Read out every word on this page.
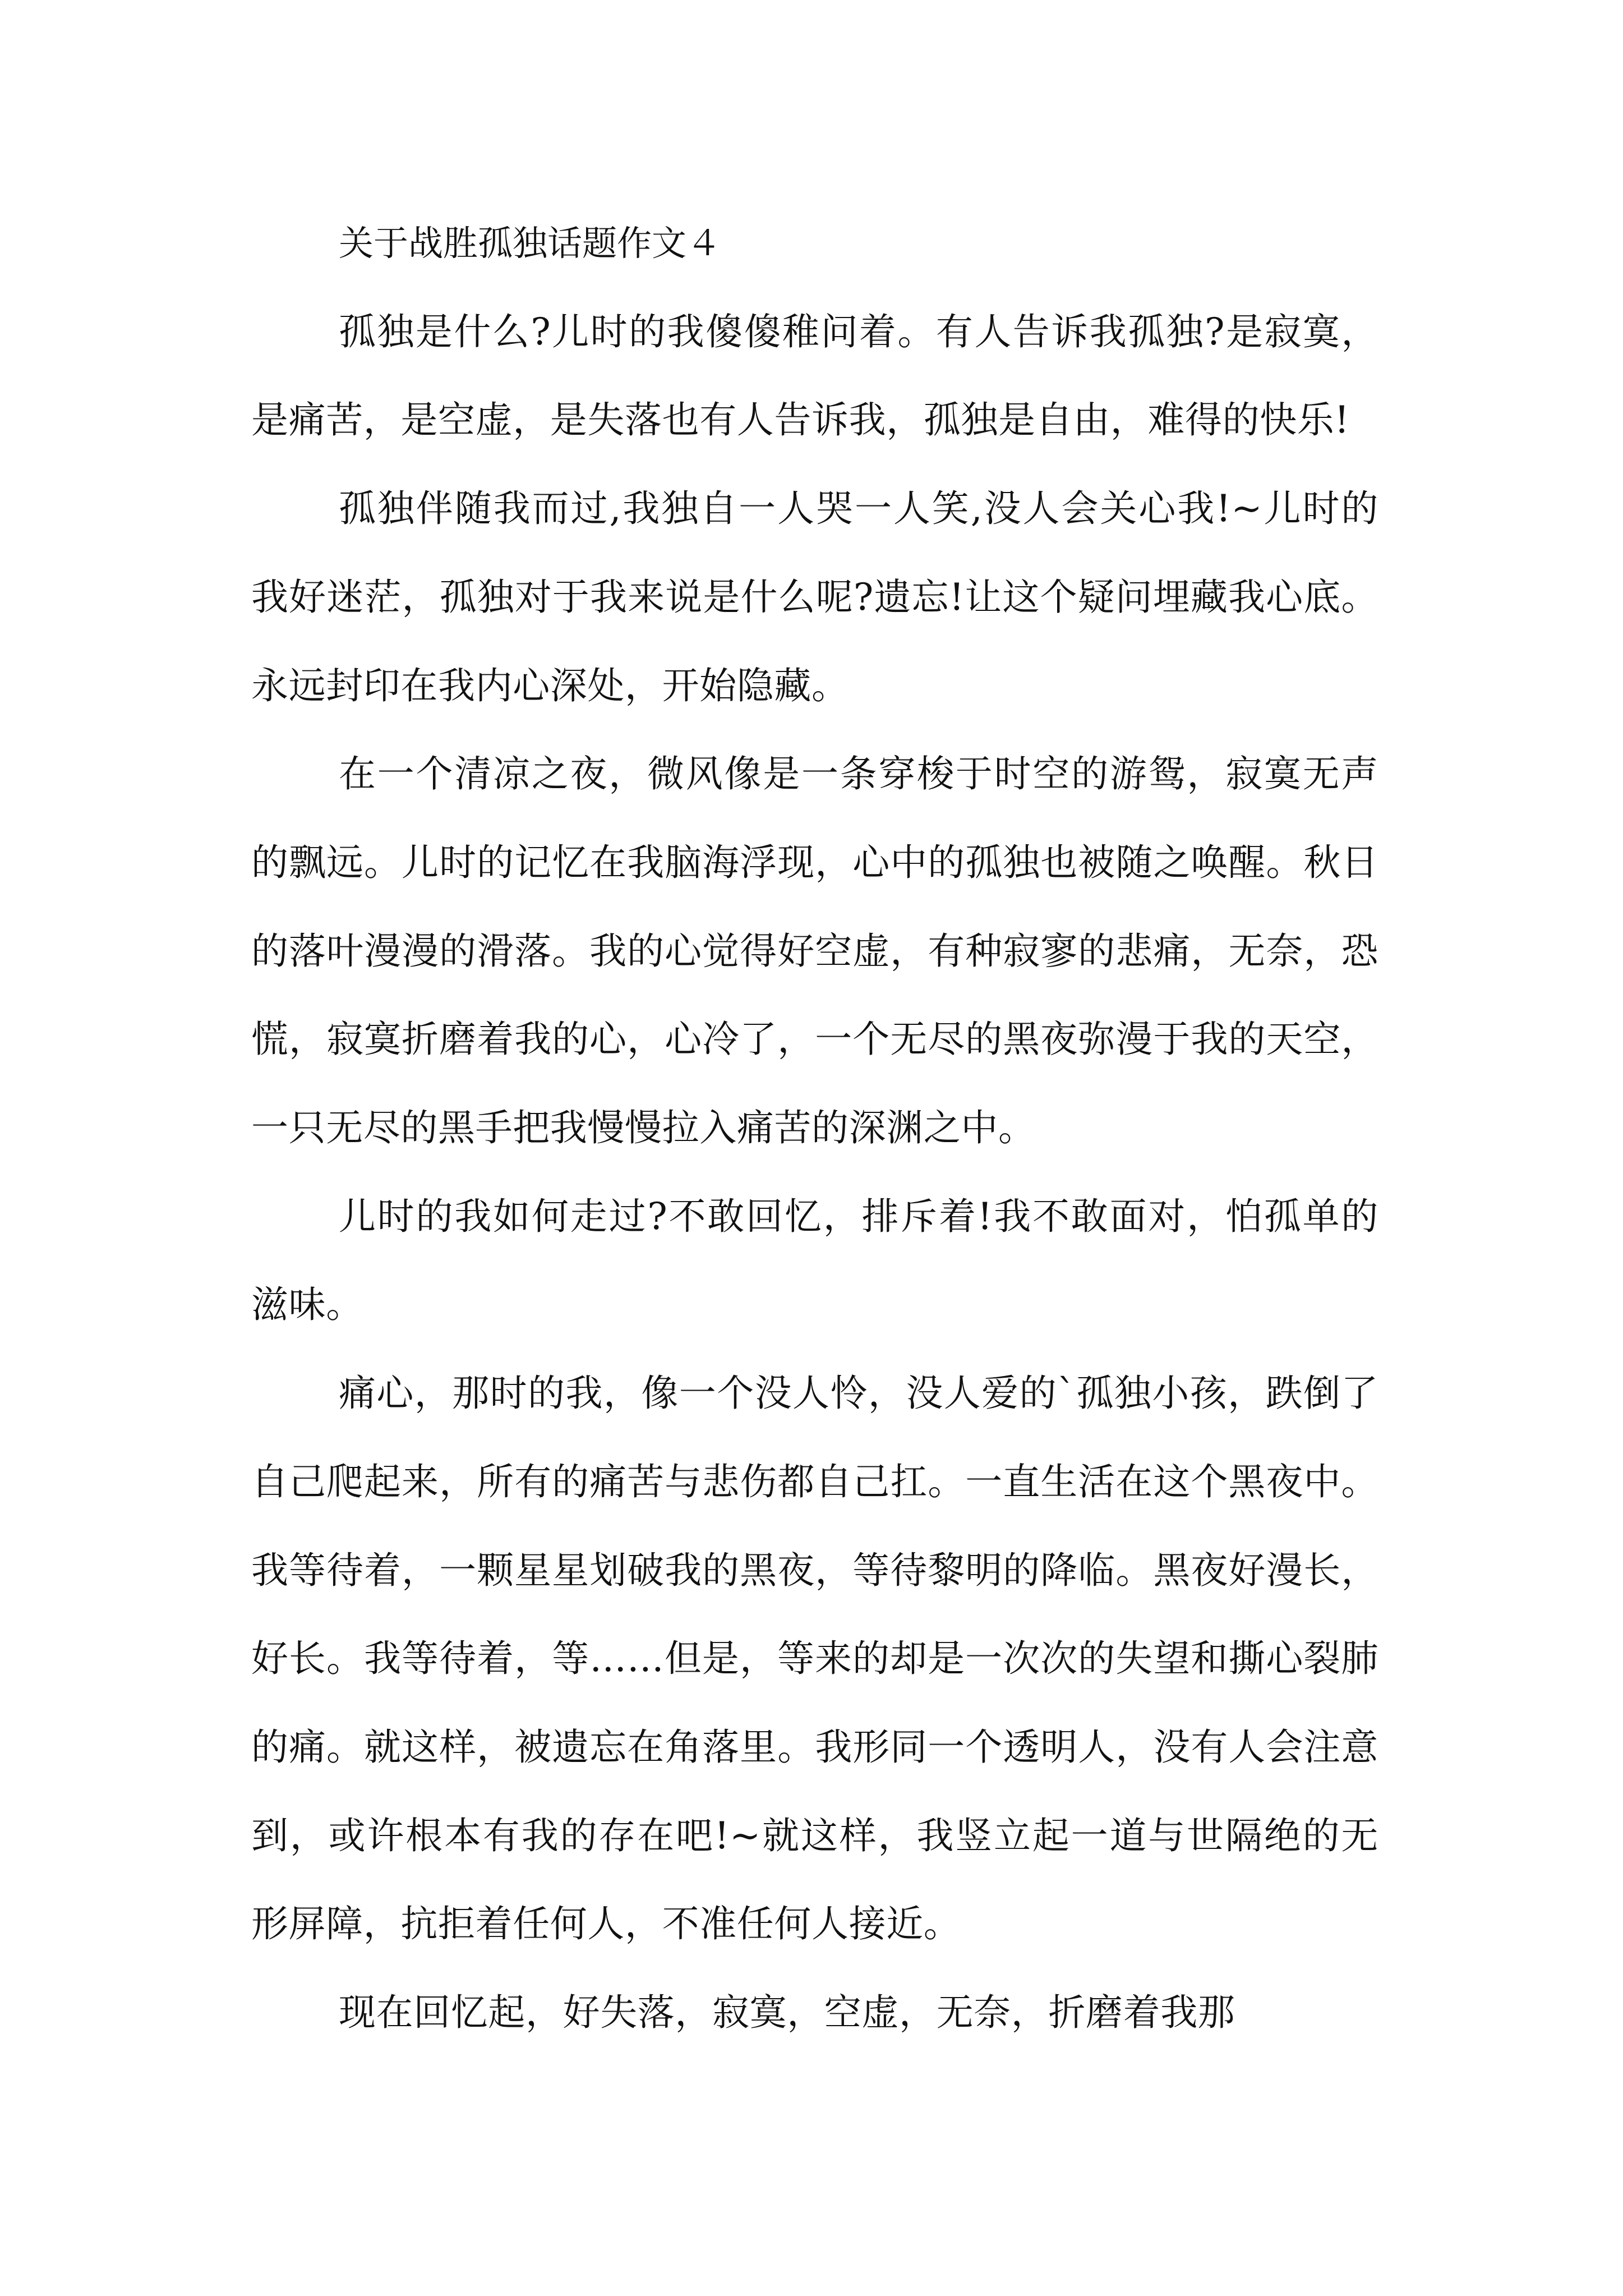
关于战胜孤独话题作文４

孤独是什么?儿时的我傻傻稚问着。有人告诉我孤独?是寂寞，是痛苦，是空虚，是失落也有人告诉我，孤独是自由，难得的快乐!

孤独伴随我而过,我独自一人哭一人笑,没人会关心我!~儿时的我好迷茫，孤独对于我来说是什么呢?遗忘!让这个疑问埋藏我心底。永远封印在我内心深处，开始隐藏。

在一个清凉之夜，微风像是一条穿梭于时空的游鸳，寂寞无声的飘远。儿时的记忆在我脑海浮现，心中的孤独也被随之唤醒。秋日的落叶漫漫的滑落。我的心觉得好空虚，有种寂寥的悲痛，无奈，恐慌，寂寞折磨着我的心，心冷了，一个无尽的黑夜弥漫于我的天空，一只无尽的黑手把我慢慢拉入痛苦的深渊之中。

儿时的我如何走过?不敢回忆，排斥着!我不敢面对，怕孤单的滋味。

痛心，那时的我，像一个没人怜，没人爱的`孤独小孩，跌倒了自己爬起来，所有的痛苦与悲伤都自己扛。一直生活在这个黑夜中。我等待着，一颗星星划破我的黑夜，等待黎明的降临。黑夜好漫长，好长。我等待着，等……但是，等来的却是一次次的失望和撕心裂肺的痛。就这样，被遗忘在角落里。我形同一个透明人，没有人会注意到，或许根本有我的存在吧!~就这样，我竖立起一道与世隔绝的无形屏障，抗拒着任何人，不准任何人接近。

现在回忆起，好失落，寂寞，空虚，无奈，折磨着我那
